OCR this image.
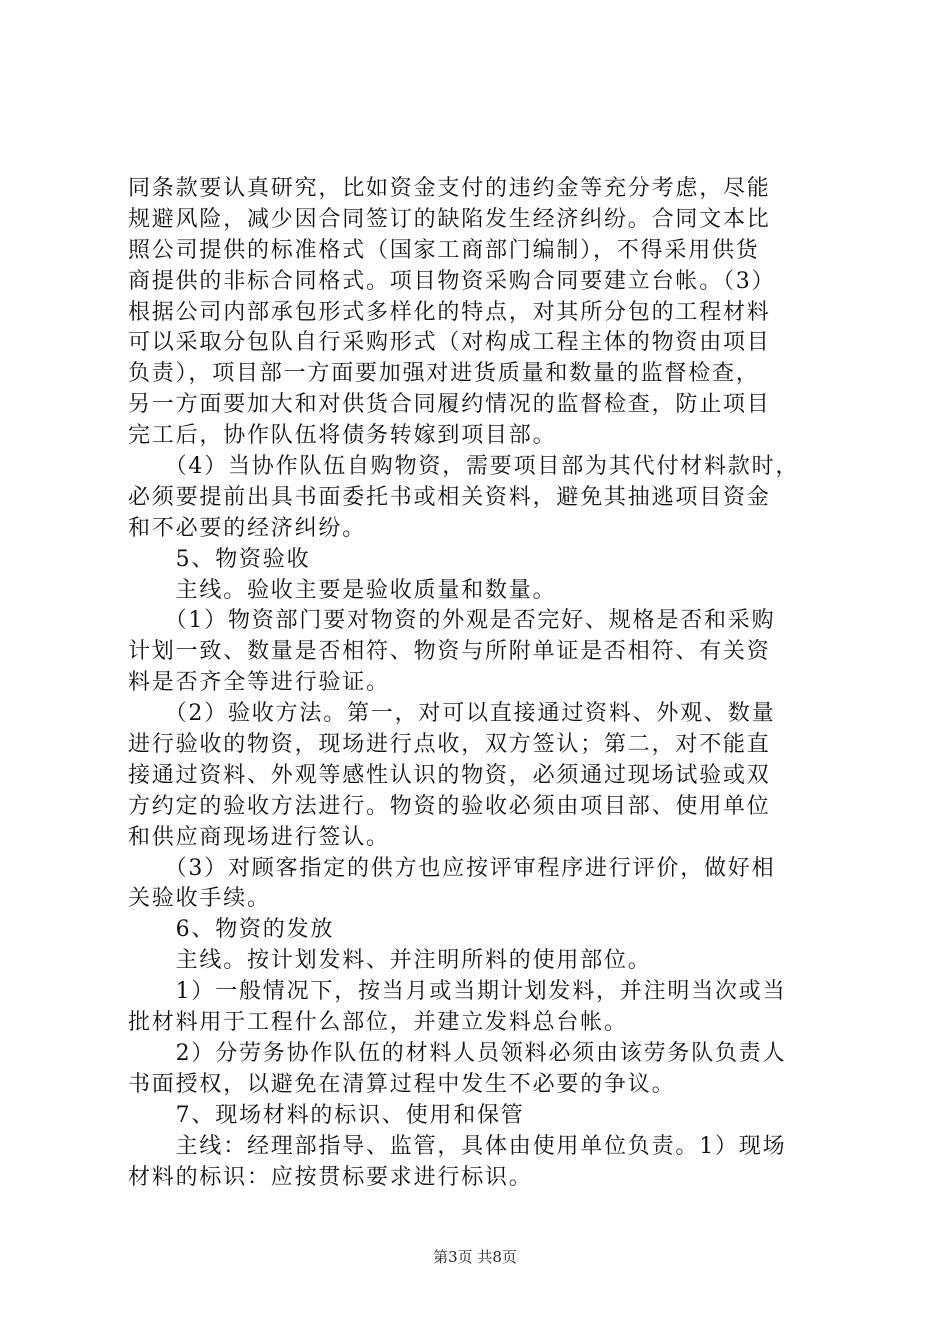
同条款要认真研究，比如资金支付的违约金等充分考虑，尽能
规避风险，减少因合同签订的缺陷发生经济纠纷。合同文本比
照公司提供的标准格式（国家工商部门编制），不得采用供货
商提供的非标合同格式。项目物资采购合同要建立台帐。（3）
根据公司内部承包形式多样化的特点，对其所分包的工程材料
可以采取分包队自行采购形式（对构成工程主体的物资由项目
负责），项目部一方面要加强对进货质量和数量的监督检查，
另一方面要加大和对供货合同履约情况的监督检查，防止项目
完工后，协作队伍将债务转嫁到项目部。
　　（4）当协作队伍自购物资，需要项目部为其代付材料款时，
必须要提前出具书面委托书或相关资料，避免其抽逃项目资金
和不必要的经济纠纷。
　　5、物资验收
　　主线。验收主要是验收质量和数量。
　　（1）物资部门要对物资的外观是否完好、规格是否和采购
计划一致、数量是否相符、物资与所附单证是否相符、有关资
料是否齐全等进行验证。
　　（2）验收方法。第一，对可以直接通过资料、外观、数量
进行验收的物资，现场进行点收，双方签认；第二，对不能直
接通过资料、外观等感性认识的物资，必须通过现场试验或双
方约定的验收方法进行。物资的验收必须由项目部、使用单位
和供应商现场进行签认。
　　（3）对顾客指定的供方也应按评审程序进行评价，做好相
关验收手续。
　　6、物资的发放
　　主线。按计划发料、并注明所料的使用部位。
　　1）一般情况下，按当月或当期计划发料，并注明当次或当
批材料用于工程什么部位，并建立发料总台帐。
　　2）分劳务协作队伍的材料人员领料必须由该劳务队负责人
书面授权，以避免在清算过程中发生不必要的争议。
　　7、现场材料的标识、使用和保管
　　主线：经理部指导、监管，具体由使用单位负责。1）现场
材料的标识：应按贯标要求进行标识。
第3页 共8页
